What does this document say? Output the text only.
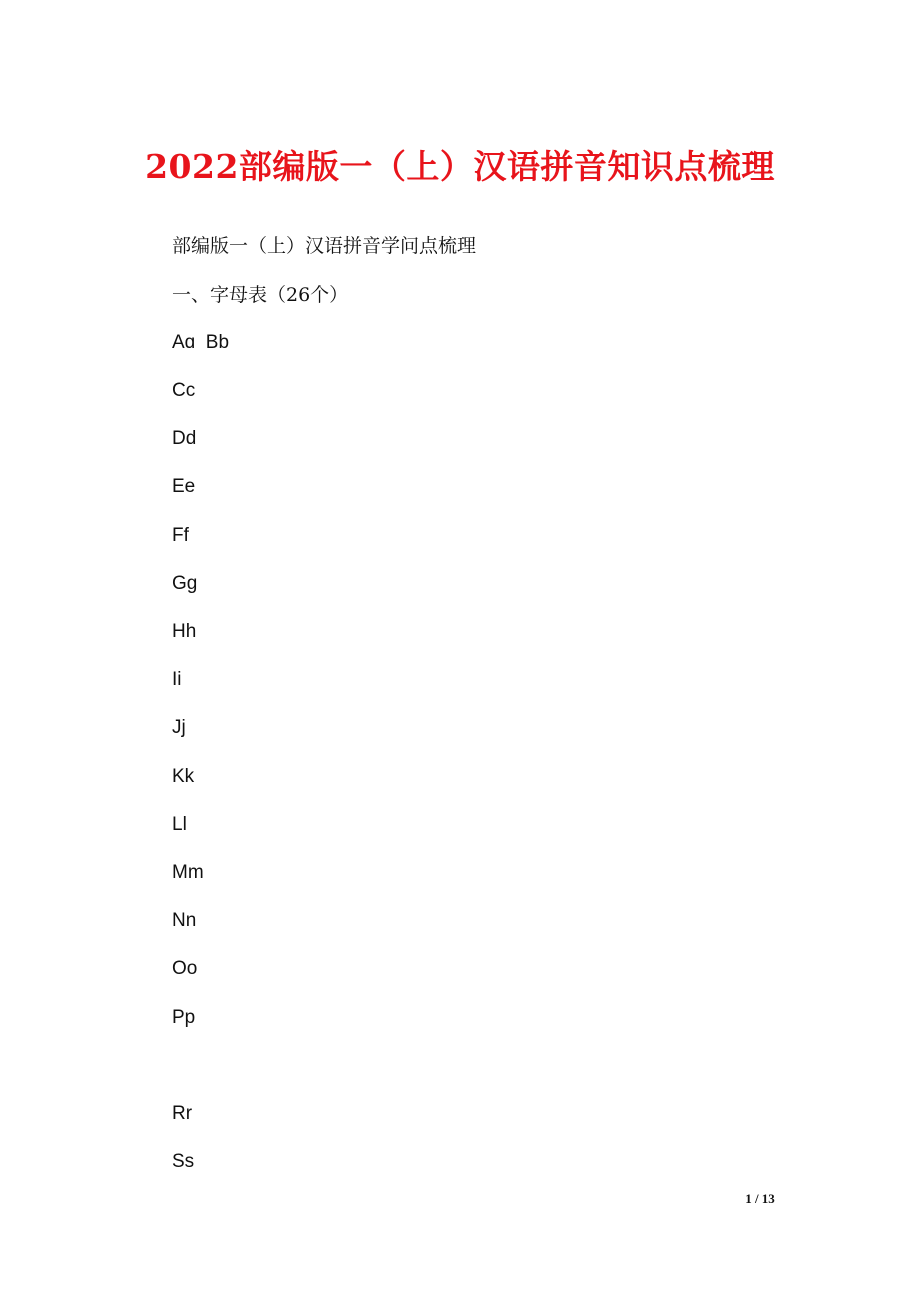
2022部编版一（上）汉语拼音知识点梳理
部编版一（上）汉语拼音学问点梳理
一、字母表（26个）
Aɑ  Bb
Cc
Dd
Ee
Ff
Gg
Hh
Ii
Jj
Kk
Ll
Mm
Nn
Oo
Pp
Rr
Ss
1 / 13
